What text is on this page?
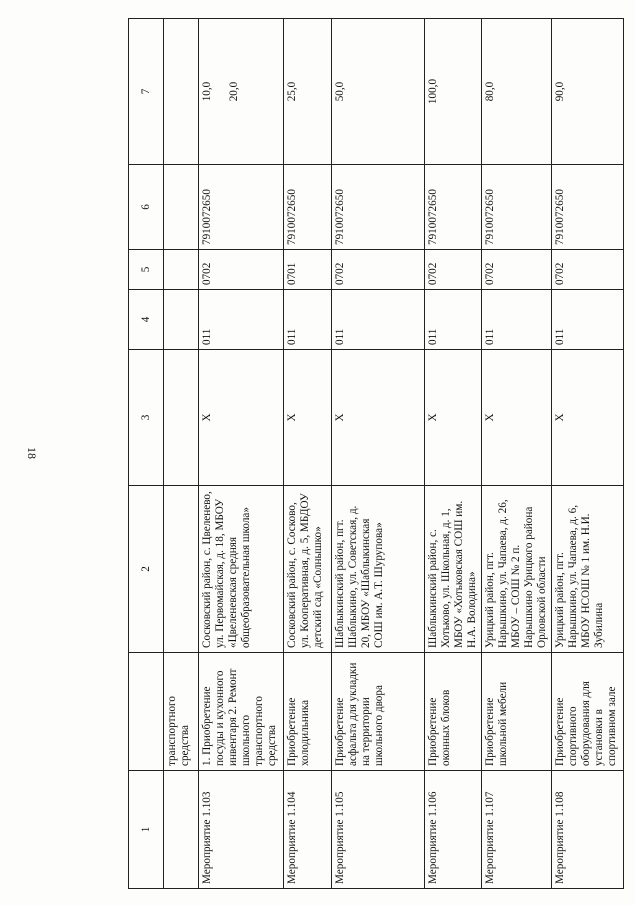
18
1		2	3	4	5	6	7
	транспортного средства						
Мероприятие 1.103	1. Приобретение посуды и кухонного инвентаря 2. Ремонт школьного транспортного средства	Сосковский район, с. Цвеленево, ул. Первомайская, д. 18, МБОУ «Цвеленевская средняя общеобразовательная школа»	Х	011	0702	7910072650	10,0 20,0
Мероприятие 1.104	Приобретение холодильника	Сосковский район, с. Сосково, ул. Кооперативная, д. 5, МБДОУ детский сад «Солнышко»	Х	011	0701	7910072650	25,0
Мероприятие 1.105	Приобретение асфальта для укладки на территории школьного двора	Шаблыкинский район, пгт. Шаблыкино, ул. Советская, д. 20, МБОУ «Шаблыкинская СОШ им. А.Т. Шурупова»	Х	011	0702	7910072650	50,0
Мероприятие 1.106	Приобретение оконных блоков	Шаблыкинский район, с. Хотьково, ул. Школьная, д. 1, МБОУ «Хотьковская СОШ им. Н.А. Володина»	Х	011	0702	7910072650	100,0
Мероприятие 1.107	Приобретение школьной мебели	Урицкий район, пгт. Нарышкино, ул. Чапаева, д. 26, МБОУ – СОШ № 2 п. Нарышкино Урицкого района Орловской области	Х	011	0702	7910072650	80,0
Мероприятие 1.108	Приобретение спортивного оборудования для установки в спортивном зале	Урицкий район, пгт. Нарышкино, ул. Чапаева, д. 6, МБОУ НСОШ № 1 им. Н.И. Зубилина	Х	011	0702	7910072650	90,0
